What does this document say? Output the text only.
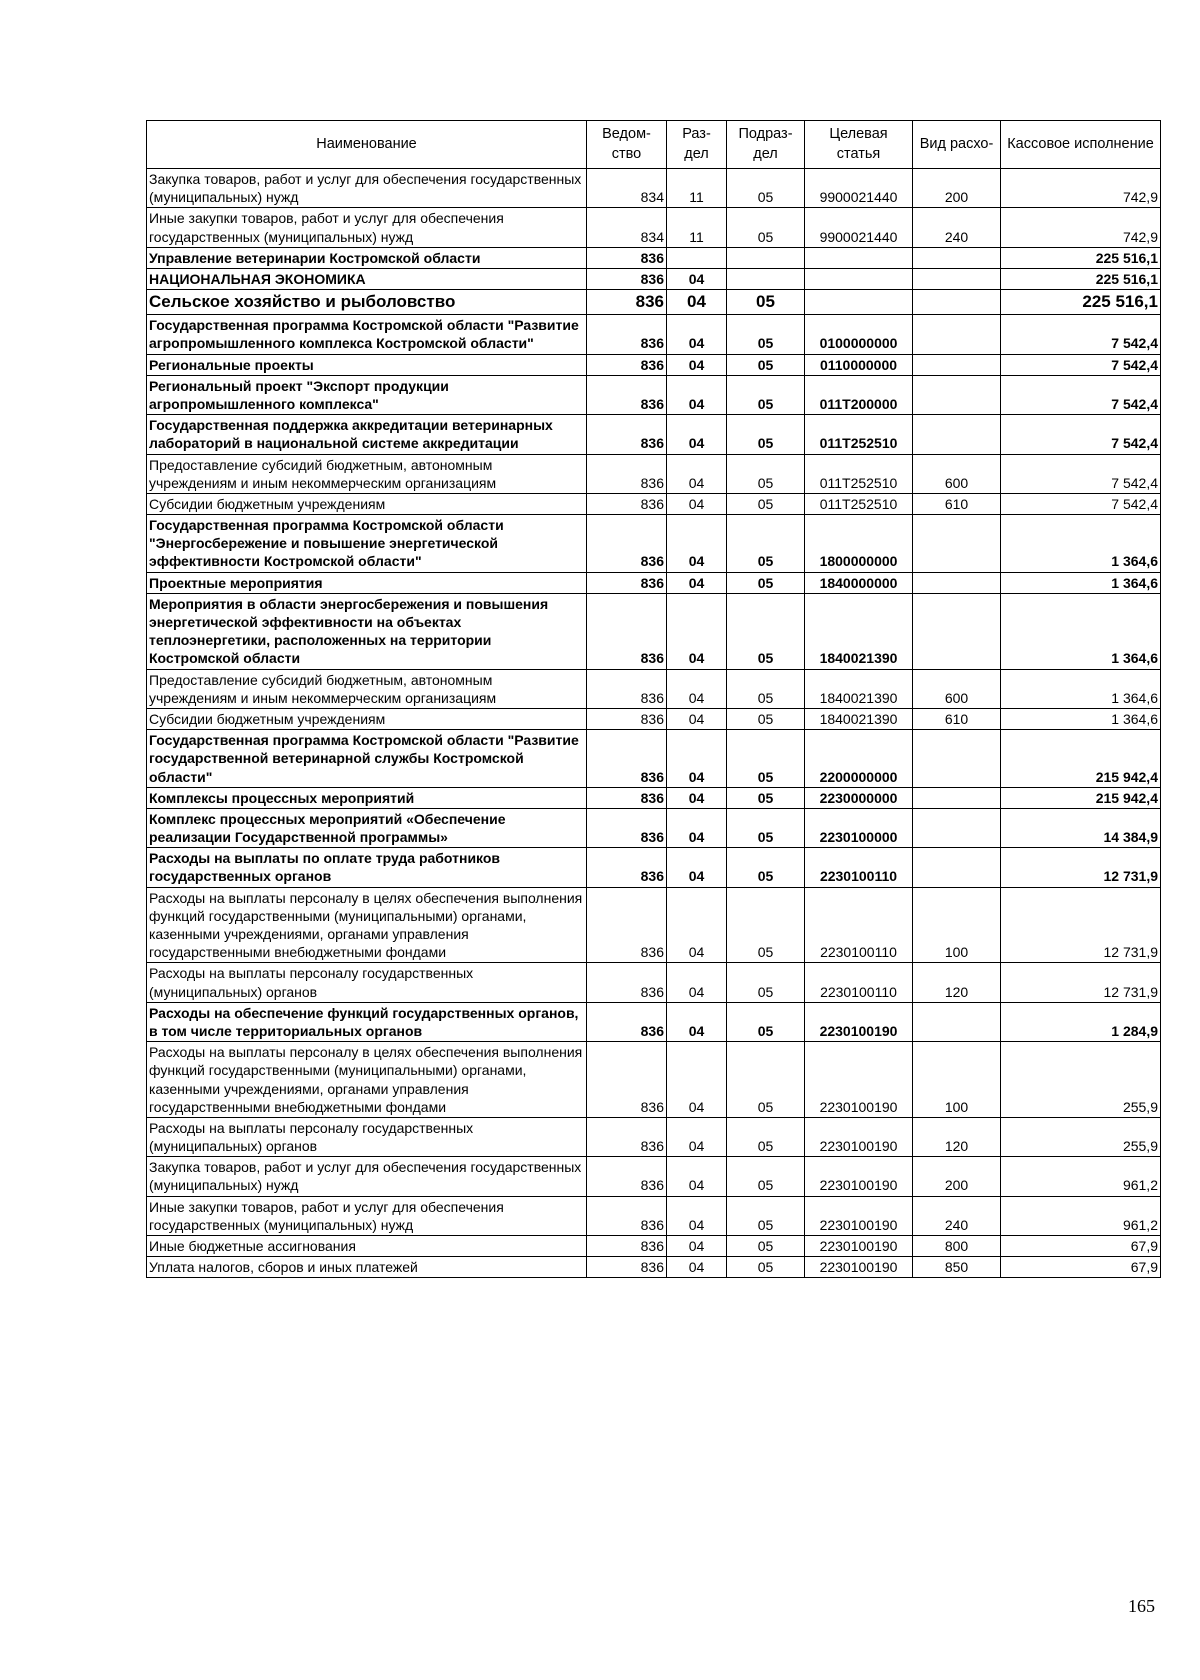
Наименование	Ведом- ство	Раз- дел	Подраз- дел	Целевая статья	Вид расхо-	Кассовое исполнение
Закупка товаров, работ и услуг для обеспечения государственных (муниципальных) нужд	834	11	05	9900021440	200	742,9
Иные закупки товаров, работ и услуг для обеспечения государственных (муниципальных) нужд	834	11	05	9900021440	240	742,9
Управление ветеринарии Костромской области	836					225 516,1
НАЦИОНАЛЬНАЯ ЭКОНОМИКА	836	04				225 516,1
Сельское хозяйство и рыболовство	836	04	05			225 516,1
Государственная программа Костромской области "Развитие агропромышленного комплекса Костромской области"	836	04	05	0100000000		7 542,4
Региональные проекты	836	04	05	0110000000		7 542,4
Региональный проект "Экспорт продукции агропромышленного комплекса"	836	04	05	011T200000		7 542,4
Государственная поддержка аккредитации ветеринарных лабораторий в национальной системе аккредитации	836	04	05	011T252510		7 542,4
Предоставление субсидий бюджетным, автономным учреждениям и иным некоммерческим организациям	836	04	05	011T252510	600	7 542,4
Субсидии бюджетным учреждениям	836	04	05	011T252510	610	7 542,4
Государственная программа Костромской области "Энергосбережение и повышение энергетической эффективности Костромской области"	836	04	05	1800000000		1 364,6
Проектные мероприятия	836	04	05	1840000000		1 364,6
Мероприятия в области энергосбережения и повышения энергетической эффективности на объектах теплоэнергетики, расположенных на территории Костромской области	836	04	05	1840021390		1 364,6
Предоставление субсидий бюджетным, автономным учреждениям и иным некоммерческим организациям	836	04	05	1840021390	600	1 364,6
Субсидии бюджетным учреждениям	836	04	05	1840021390	610	1 364,6
Государственная программа Костромской области "Развитие государственной ветеринарной службы Костромской области"	836	04	05	2200000000		215 942,4
Комплексы процессных мероприятий	836	04	05	2230000000		215 942,4
Комплекс процессных мероприятий «Обеспечение реализации Государственной программы»	836	04	05	2230100000		14 384,9
Расходы на выплаты по оплате труда работников государственных органов	836	04	05	2230100110		12 731,9
Расходы на выплаты персоналу в целях обеспечения выполнения функций государственными (муниципальными) органами, казенными учреждениями, органами управления государственными внебюджетными фондами	836	04	05	2230100110	100	12 731,9
Расходы на выплаты персоналу государственных (муниципальных) органов	836	04	05	2230100110	120	12 731,9
Расходы на обеспечение функций государственных органов, в том числе территориальных органов	836	04	05	2230100190		1 284,9
Расходы на выплаты персоналу в целях обеспечения выполнения функций государственными (муниципальными) органами, казенными учреждениями, органами управления государственными внебюджетными фондами	836	04	05	2230100190	100	255,9
Расходы на выплаты персоналу государственных (муниципальных) органов	836	04	05	2230100190	120	255,9
Закупка товаров, работ и услуг для обеспечения государственных (муниципальных) нужд	836	04	05	2230100190	200	961,2
Иные закупки товаров, работ и услуг для обеспечения государственных (муниципальных) нужд	836	04	05	2230100190	240	961,2
Иные бюджетные ассигнования	836	04	05	2230100190	800	67,9
Уплата налогов, сборов и иных платежей	836	04	05	2230100190	850	67,9
165
